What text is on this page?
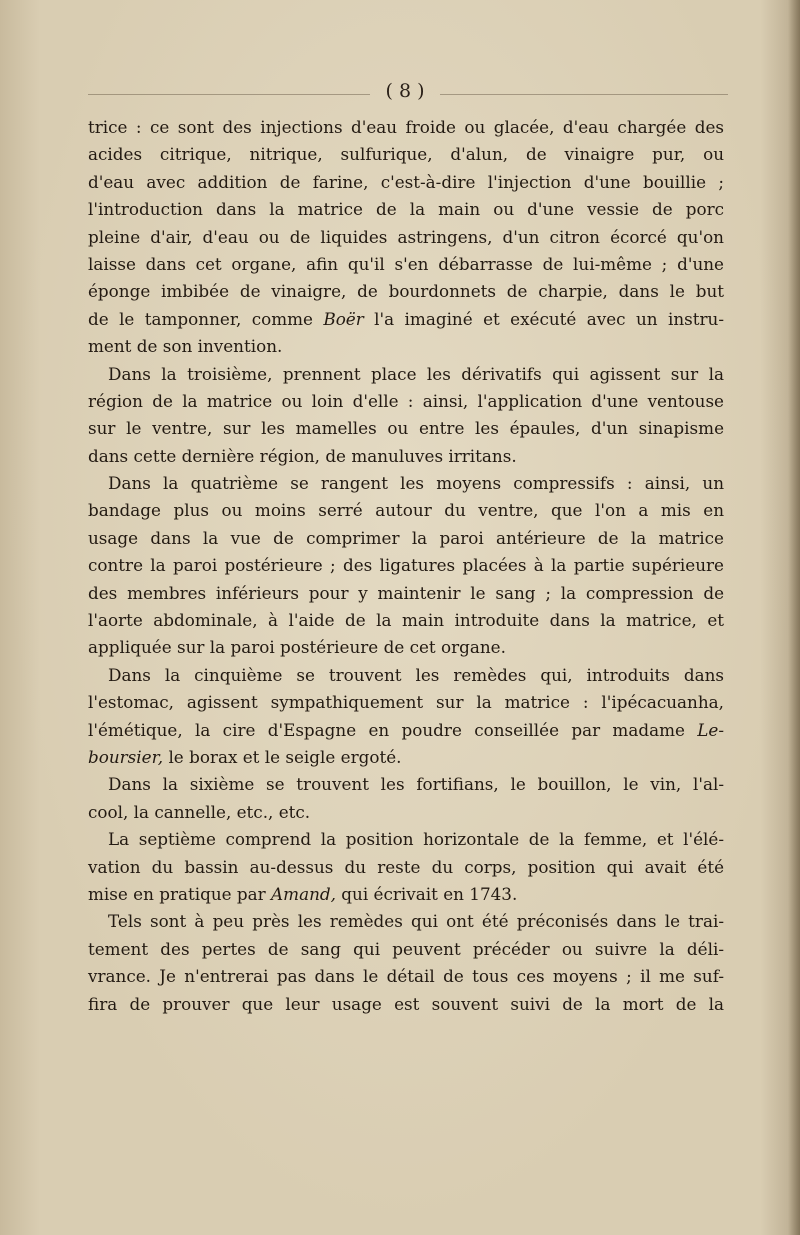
( 8 )
trice : ce sont des injections d'eau froide ou glacée, d'eau chargée des
acides citrique, nitrique, sulfurique, d'alun, de vinaigre pur, ou
d'eau avec addition de farine, c'est-à-dire l'injection d'une bouillie ;
l'introduction dans la matrice de la main ou d'une vessie de porc
pleine d'air, d'eau ou de liquides astringens, d'un citron écorcé qu'on
laisse dans cet organe, afin qu'il s'en débarrasse de lui-même ; d'une
éponge imbibée de vinaigre, de bourdonnets de charpie, dans le but
de le tamponner, comme Boër l'a imaginé et exécuté avec un instru-
ment de son invention.
Dans la troisième, prennent place les dérivatifs qui agissent sur la
région de la matrice ou loin d'elle : ainsi, l'application d'une ventouse
sur le ventre, sur les mamelles ou entre les épaules, d'un sinapisme
dans cette dernière région, de manuluves irritans.
Dans la quatrième se rangent les moyens compressifs : ainsi, un
bandage plus ou moins serré autour du ventre, que l'on a mis en
usage dans la vue de comprimer la paroi antérieure de la matrice
contre la paroi postérieure ; des ligatures placées à la partie supérieure
des membres inférieurs pour y maintenir le sang ; la compression de
l'aorte abdominale, à l'aide de la main introduite dans la matrice, et
appliquée sur la paroi postérieure de cet organe.
Dans la cinquième se trouvent les remèdes qui, introduits dans
l'estomac, agissent sympathiquement sur la matrice : l'ipécacuanha,
l'émétique, la cire d'Espagne en poudre conseillée par madame Le-
boursier, le borax et le seigle ergoté.
Dans la sixième se trouvent les fortifians, le bouillon, le vin, l'al-
cool, la cannelle, etc., etc.
La septième comprend la position horizontale de la femme, et l'élé-
vation du bassin au-dessus du reste du corps, position qui avait été
mise en pratique par Amand, qui écrivait en 1743.
Tels sont à peu près les remèdes qui ont été préconisés dans le trai-
tement des pertes de sang qui peuvent précéder ou suivre la déli-
vrance. Je n'entrerai pas dans le détail de tous ces moyens ; il me suf-
fira de prouver que leur usage est souvent suivi de la mort de la
